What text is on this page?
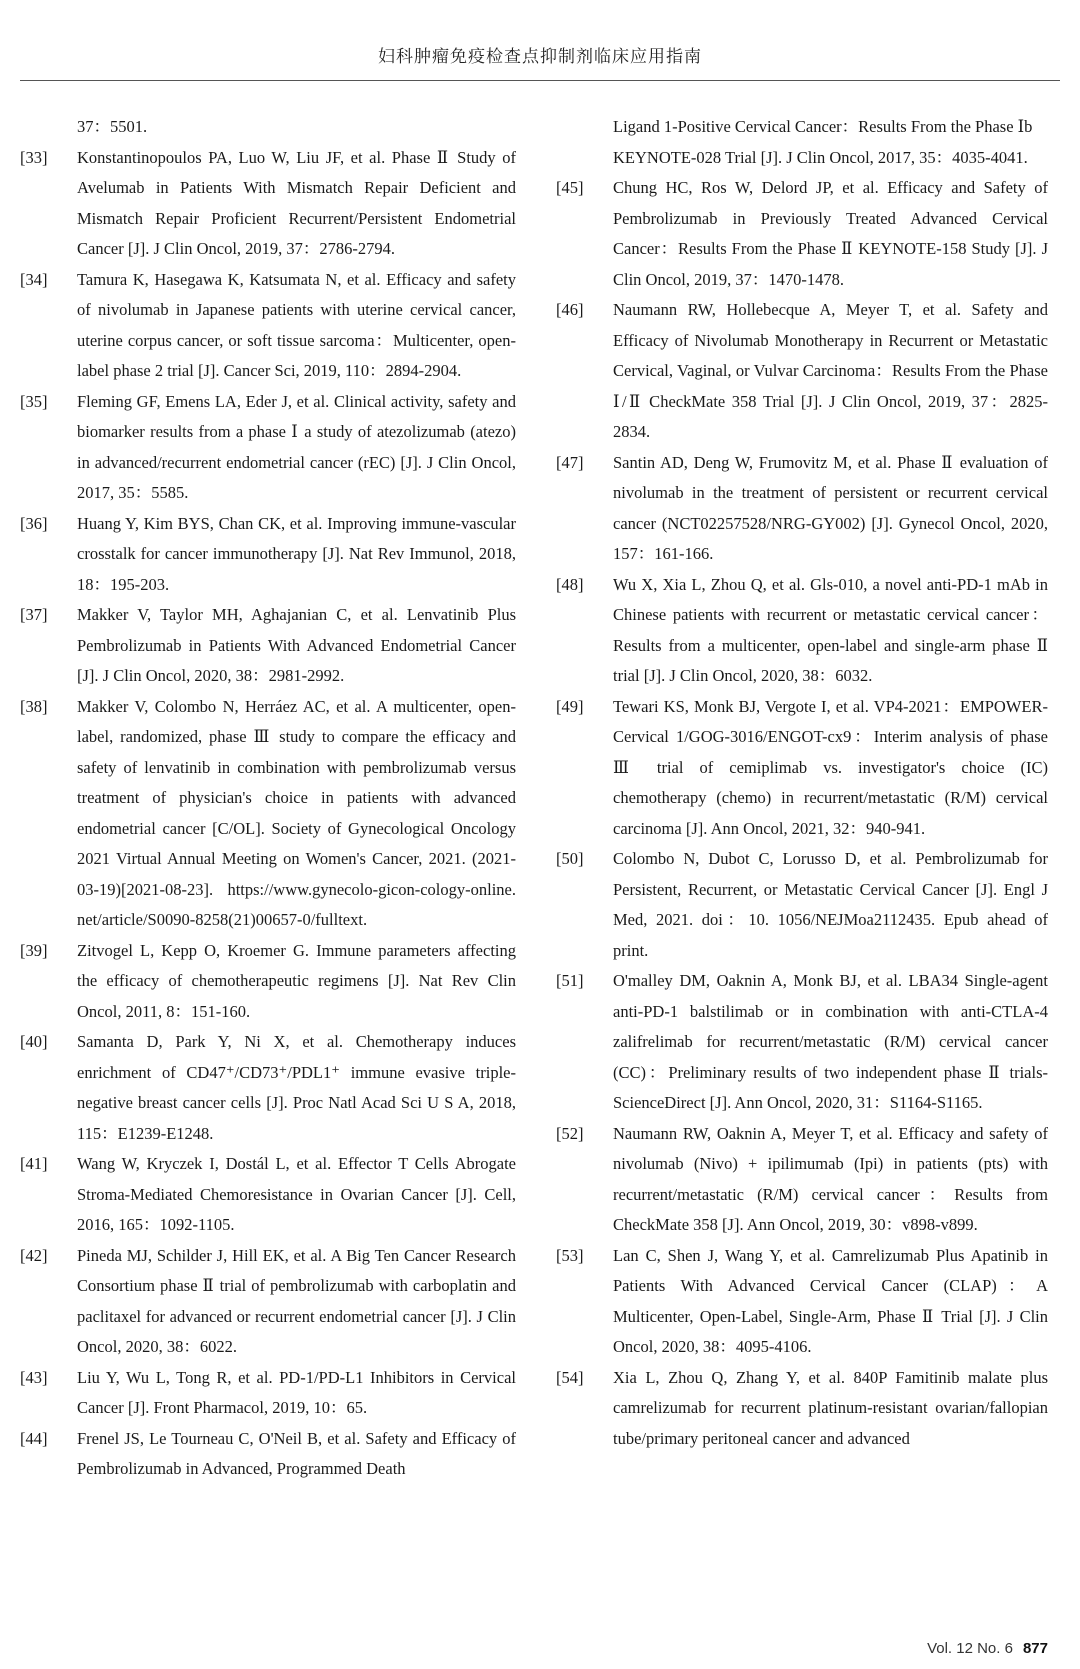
妇科肿瘤免疫检查点抑制剂临床应用指南
37：5501.
[33]	Konstantinopoulos PA, Luo W, Liu JF, et al. Phase Ⅱ Study of Avelumab in Patients With Mismatch Repair Deficient and Mismatch Repair Proficient Recurrent/Persistent Endometrial Cancer [J]. J Clin Oncol, 2019, 37：2786-2794.
[34]	Tamura K, Hasegawa K, Katsumata N, et al. Efficacy and safety of nivolumab in Japanese patients with uterine cervical cancer, uterine corpus cancer, or soft tissue sarcoma：Multicenter, open-label phase 2 trial [J]. Cancer Sci, 2019, 110：2894-2904.
[35]	Fleming GF, Emens LA, Eder J, et al. Clinical activity, safety and biomarker results from a phase Ⅰ a study of atezolizumab (atezo) in advanced/recurrent endometrial cancer (rEC) [J]. J Clin Oncol, 2017, 35：5585.
[36]	Huang Y, Kim BYS, Chan CK, et al. Improving immune-vascular crosstalk for cancer immunotherapy [J]. Nat Rev Immunol, 2018, 18：195-203.
[37]	Makker V, Taylor MH, Aghajanian C, et al. Lenvatinib Plus Pembrolizumab in Patients With Advanced Endometrial Cancer [J]. J Clin Oncol, 2020, 38：2981-2992.
[38]	Makker V, Colombo N, Herráez AC, et al. A multicenter, open-label, randomized, phase Ⅲ study to compare the efficacy and safety of lenvatinib in combination with pembrolizumab versus treatment of physician's choice in patients with advanced endometrial cancer [C/OL]. Society of Gynecological Oncology 2021 Virtual Annual Meeting on Women's Cancer, 2021. (2021-03-19)[2021-08-23]. https://www.gynecolo-gicon-cology-online. net/article/S0090-8258(21)00657-0/fulltext.
[39]	Zitvogel L, Kepp O, Kroemer G. Immune parameters affecting the efficacy of chemotherapeutic regimens [J]. Nat Rev Clin Oncol, 2011, 8：151-160.
[40]	Samanta D, Park Y, Ni X, et al. Chemotherapy induces enrichment of CD47⁺/CD73⁺/PDL1⁺ immune evasive triple-negative breast cancer cells [J]. Proc Natl Acad Sci U S A, 2018, 115：E1239-E1248.
[41]	Wang W, Kryczek I, Dostál L, et al. Effector T Cells Abrogate Stroma-Mediated Chemoresistance in Ovarian Cancer [J]. Cell, 2016, 165：1092-1105.
[42]	Pineda MJ, Schilder J, Hill EK, et al. A Big Ten Cancer Research Consortium phase Ⅱ trial of pembrolizumab with carboplatin and paclitaxel for advanced or recurrent endometrial cancer [J]. J Clin Oncol, 2020, 38：6022.
[43]	Liu Y, Wu L, Tong R, et al. PD-1/PD-L1 Inhibitors in Cervical Cancer [J]. Front Pharmacol, 2019, 10：65.
[44]	Frenel JS, Le Tourneau C, O'Neil B, et al. Safety and Efficacy of Pembrolizumab in Advanced, Programmed Death
Ligand 1-Positive Cervical Cancer：Results From the Phase Ⅰb KEYNOTE-028 Trial [J]. J Clin Oncol, 2017, 35：4035-4041.
[45]	Chung HC, Ros W, Delord JP, et al. Efficacy and Safety of Pembrolizumab in Previously Treated Advanced Cervical Cancer：Results From the Phase Ⅱ KEYNOTE-158 Study [J]. J Clin Oncol, 2019, 37：1470-1478.
[46]	Naumann RW, Hollebecque A, Meyer T, et al. Safety and Efficacy of Nivolumab Monotherapy in Recurrent or Metastatic Cervical, Vaginal, or Vulvar Carcinoma：Results From the Phase Ⅰ/Ⅱ CheckMate 358 Trial [J]. J Clin Oncol, 2019, 37：2825-2834.
[47]	Santin AD, Deng W, Frumovitz M, et al. Phase Ⅱ evaluation of nivolumab in the treatment of persistent or recurrent cervical cancer (NCT02257528/NRG-GY002) [J]. Gynecol Oncol, 2020, 157：161-166.
[48]	Wu X, Xia L, Zhou Q, et al. Gls-010, a novel anti-PD-1 mAb in Chinese patients with recurrent or metastatic cervical cancer：Results from a multicenter, open-label and single-arm phase Ⅱ trial [J]. J Clin Oncol, 2020, 38：6032.
[49]	Tewari KS, Monk BJ, Vergote I, et al. VP4-2021：EMPOWER-Cervical 1/GOG-3016/ENGOT-cx9：Interim analysis of phase Ⅲ trial of cemiplimab vs. investigator's choice (IC) chemotherapy (chemo) in recurrent/metastatic (R/M) cervical carcinoma [J]. Ann Oncol, 2021, 32：940-941.
[50]	Colombo N, Dubot C, Lorusso D, et al. Pembrolizumab for Persistent, Recurrent, or Metastatic Cervical Cancer [J]. Engl J Med, 2021. doi：10. 1056/NEJMoa2112435. Epub ahead of print.
[51]	O'malley DM, Oaknin A, Monk BJ, et al. LBA34 Single-agent anti-PD-1 balstilimab or in combination with anti-CTLA-4 zalifrelimab for recurrent/metastatic (R/M) cervical cancer (CC)：Preliminary results of two independent phase Ⅱ trials-ScienceDirect [J]. Ann Oncol, 2020, 31：S1164-S1165.
[52]	Naumann RW, Oaknin A, Meyer T, et al. Efficacy and safety of nivolumab (Nivo) + ipilimumab (Ipi) in patients (pts) with recurrent/metastatic (R/M) cervical cancer：Results from CheckMate 358 [J]. Ann Oncol, 2019, 30：v898-v899.
[53]	Lan C, Shen J, Wang Y, et al. Camrelizumab Plus Apatinib in Patients With Advanced Cervical Cancer (CLAP)：A Multicenter, Open-Label, Single-Arm, Phase Ⅱ Trial [J]. J Clin Oncol, 2020, 38：4095-4106.
[54]	Xia L, Zhou Q, Zhang Y, et al. 840P Famitinib malate plus camrelizumab for recurrent platinum-resistant ovarian/fallopian tube/primary peritoneal cancer and advanced
Vol. 12 No. 6 877
